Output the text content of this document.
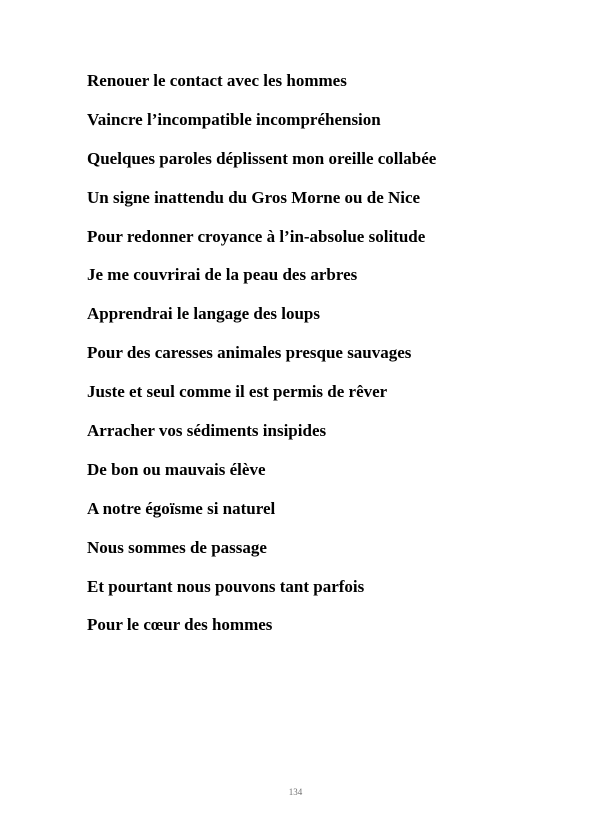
Renouer le contact avec les hommes
Vaincre l’incompatible incompréhension
Quelques paroles déplissent mon oreille collabée
Un signe inattendu du Gros Morne ou de Nice
Pour redonner croyance à l’in-absolue solitude
Je me couvrirai de la peau des arbres
Apprendrai le langage des loups
Pour des caresses animales presque sauvages
Juste et seul comme il est permis de rêver
Arracher vos sédiments insipides
De bon ou mauvais élève
A notre égoïsme si naturel
Nous sommes de passage
Et pourtant nous pouvons tant parfois
Pour le cœur des hommes
134
